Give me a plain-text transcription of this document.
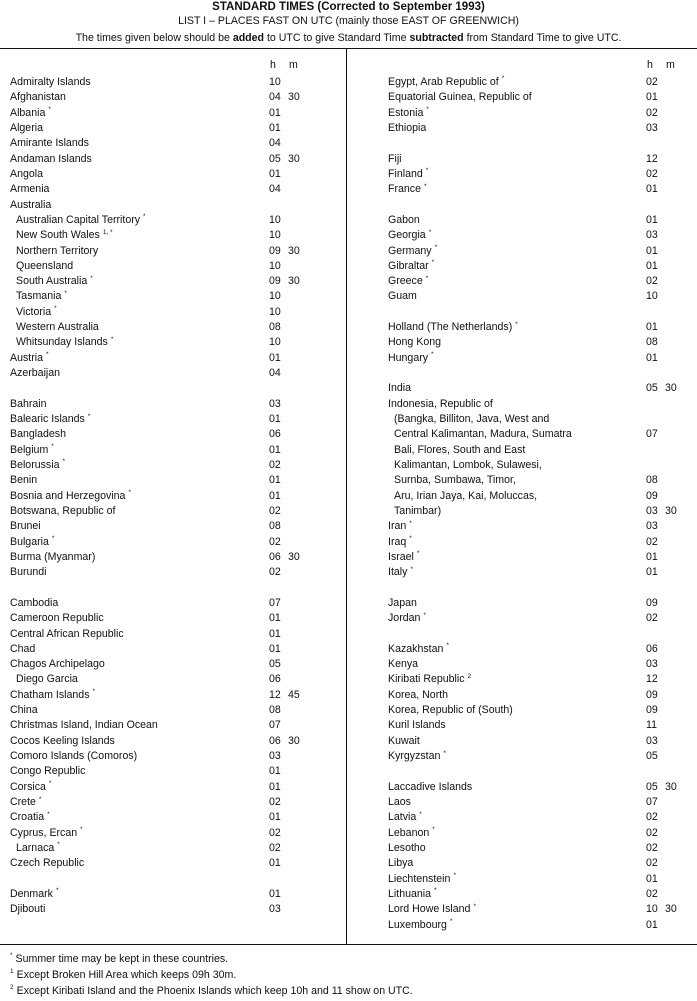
STANDARD TIMES (Corrected to September 1993)
LIST I – PLACES FAST ON UTC (mainly those EAST OF GREENWICH)
The times given below should be added to UTC to give Standard Time subtracted from Standard Time to give UTC.
h m	h m
Admiralty Islands	10
Afghanistan	04 30
Albania *	01
Algeria	01
Amirante Islands	04
Andaman Islands	05 30
Angola	01
Armenia	04
Australia
Australian Capital Territory *	10
New South Wales $^{1, *}$	10
Northern Territory	09 30
Queensland	10
South Australia *	09 30
Tasmania *	10
Victoria *	10
Western Australia	08
Whitsunday Islands *	10
Austria *	01
Azerbaijan	04
Bahrain	03
Balearic Islands *	01
Bangladesh	06
Belgium *	01
Belorussia *	02
Benin	01
Bosnia and Herzegovina *	01
Botswana, Republic of	02
Brunei	08
Bulgaria *	02
Burma (Myanmar)	06 30
Burundi	02
Cambodia	07
Cameroon Republic	01
Central African Republic	01
Chad	01
Chagos Archipelago	05
Diego Garcia	06
Chatham Islands *	12 45
China	08
Christmas Island, Indian Ocean	07
Cocos Keeling Islands	06 30
Comoro Islands (Comoros)	03
Congo Republic	01
Corsica *	01
Crete *	02
Croatia *	01
Cyprus, Ercan *	02
Larnaca *	02
Czech Republic	01
Denmark *	01
Djibouti	03
Egypt, Arab Republic of *	02
Equatorial Guinea, Republic of	01
Estonia *	02
Ethiopia	03
Fiji	12
Finland *	02
France *	01
Gabon	01
Georgia *	03
Germany *	01
Gibraltar *	01
Greece *	02
Guam	10
Holland (The Netherlands) *	01
Hong Kong	08
Hungary *	01
India	05 30
Indonesia, Republic of
(Bangka, Billiton, Java, West and
Central Kalimantan, Madura, Sumatra	07
Bali, Flores, South and East
Kalimantan, Lombok, Sulawesi,
Surnba, Sumbawa, Timor,	08
Aru, Irian Jaya, Kai, Moluccas,	09
Tanimbar)	03 30
Iran *	03
Iraq *	02
Israel *	01
Italy *	01
Japan	09
Jordan *	02
Kazakhstan *	06
Kenya	03
Kiribati Republic $^2$	12
Korea, North	09
Korea, Republic of (South)	09
Kuril Islands	11
Kuwait	03
Kyrgyzstan *	05
Laccadive Islands	05 30
Laos	07
Latvia *	02
Lebanon *	02
Lesotho	02
Libya	02
Liechtenstein *	01
Lithuania *	02
Lord Howe Island *	10 30
Luxembourg *	01
* Summer time may be kept in these countries.
$^1$ Except Broken Hill Area which keeps 09h 30m.
$^2$ Except Kiribati Island and the Phoenix Islands which keep 10h and 11 show on UTC.
